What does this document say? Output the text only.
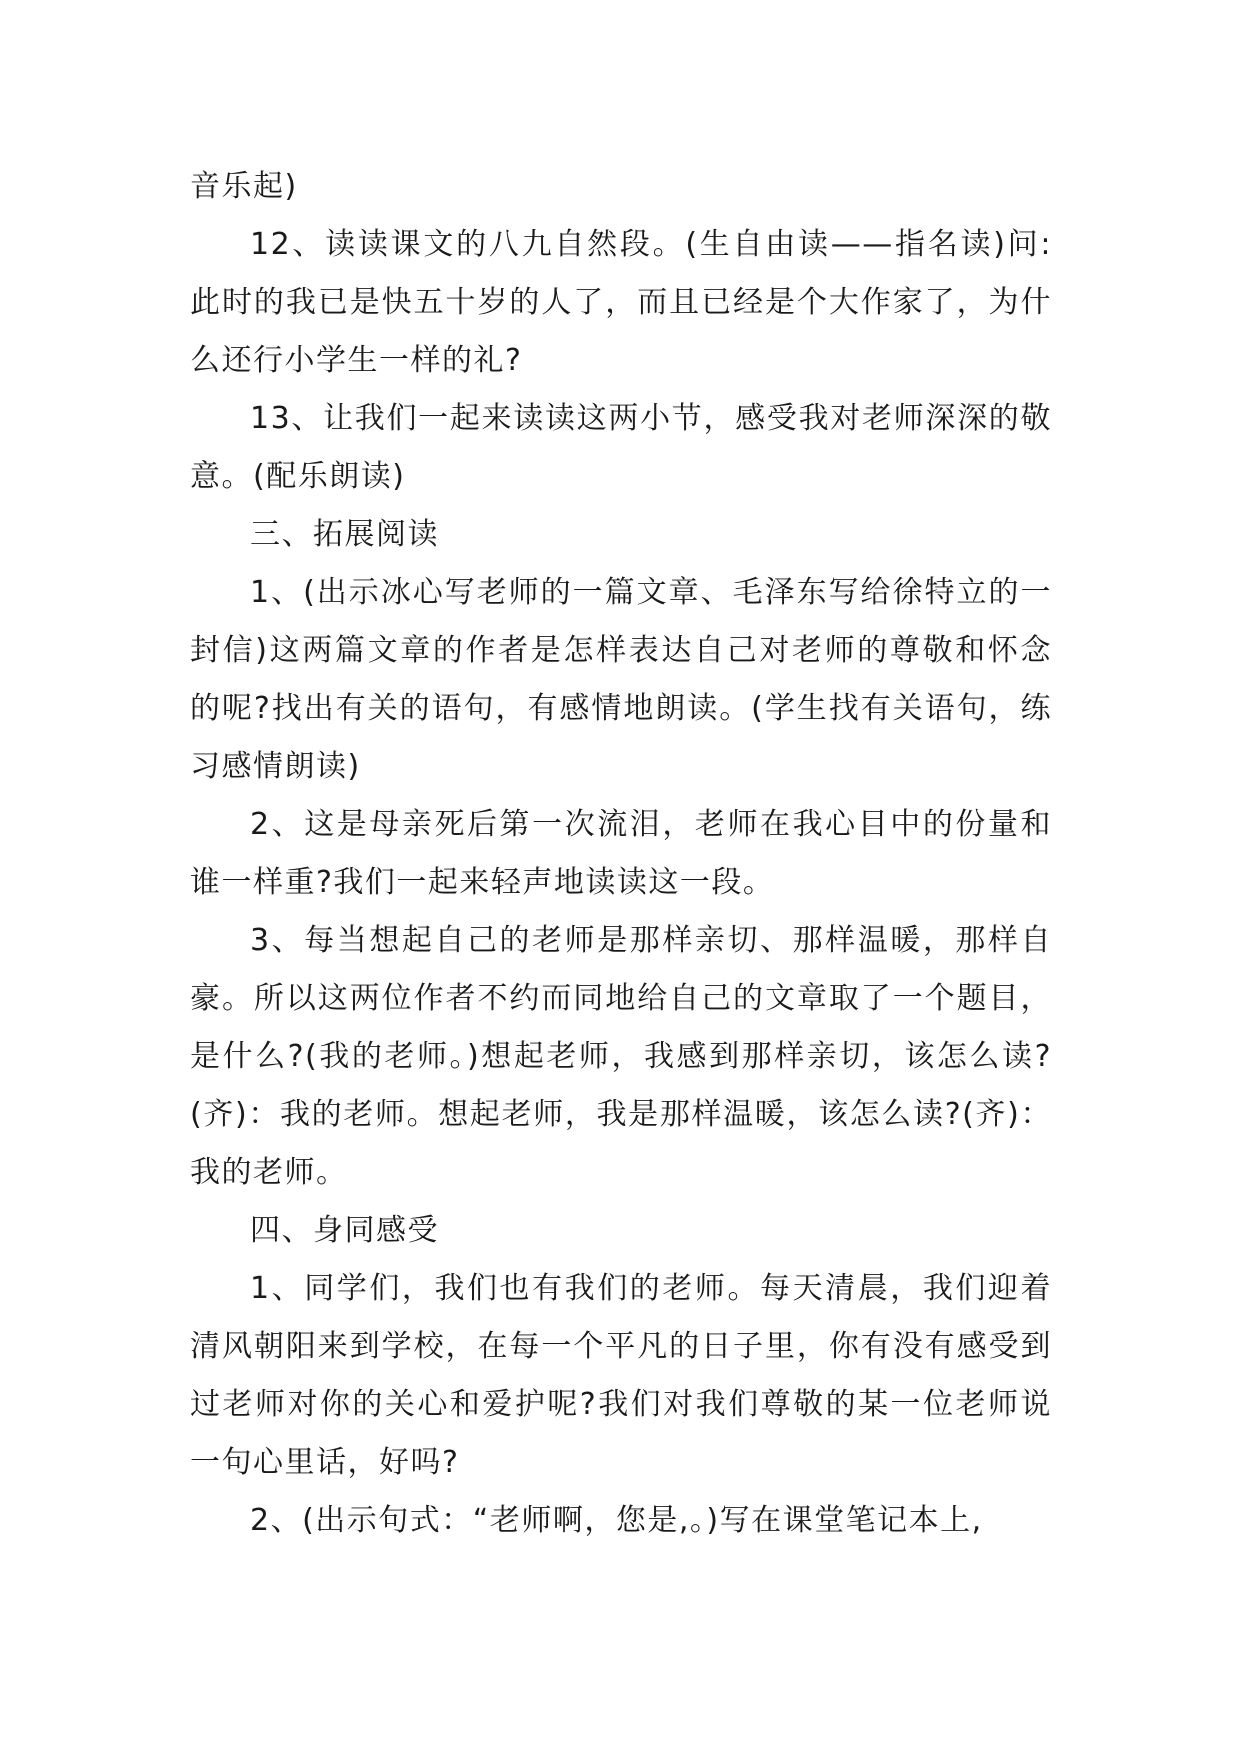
音乐起)

12、读读课文的八九自然段。(生自由读——指名读)问:此时的我已是快五十岁的人了，而且已经是个大作家了，为什么还行小学生一样的礼?

13、让我们一起来读读这两小节，感受我对老师深深的敬意。(配乐朗读)

三、拓展阅读

1、(出示冰心写老师的一篇文章、毛泽东写给徐特立的一封信)这两篇文章的作者是怎样表达自己对老师的尊敬和怀念的呢?找出有关的语句，有感情地朗读。(学生找有关语句，练习感情朗读)

2、这是母亲死后第一次流泪，老师在我心目中的份量和谁一样重?我们一起来轻声地读读这一段。

3、每当想起自己的老师是那样亲切、那样温暖，那样自豪。所以这两位作者不约而同地给自己的文章取了一个题目，是什么?(我的老师。)想起老师，我感到那样亲切，该怎么读?(齐)：我的老师。想起老师，我是那样温暖，该怎么读?(齐)：我的老师。

四、身同感受

1、同学们，我们也有我们的老师。每天清晨，我们迎着清风朝阳来到学校，在每一个平凡的日子里，你有没有感受到过老师对你的关心和爱护呢?我们对我们尊敬的某一位老师说一句心里话，好吗?

2、(出示句式：“老师啊，您是,。)写在课堂笔记本上,
